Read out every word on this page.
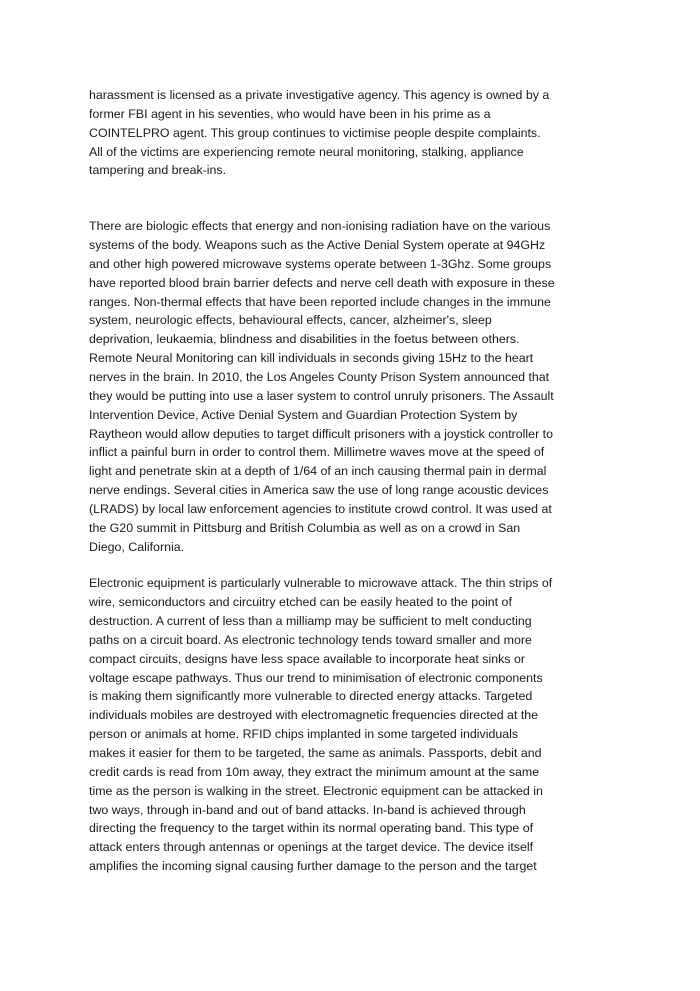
harassment is licensed as a private investigative agency. This agency is owned by a
former FBI agent in his seventies, who would have been in his prime as a
COINTELPRO agent. This group continues to victimise people despite complaints.
All of the victims are experiencing remote neural monitoring, stalking, appliance
tampering and break-ins.

There are biologic effects that energy and non-ionising radiation have on the various
systems of the body. Weapons such as the Active Denial System operate at 94GHz
and other high powered microwave systems operate between 1-3Ghz. Some groups
have reported blood brain barrier defects and nerve cell death with exposure in these
ranges. Non-thermal effects that have been reported include changes in the immune
system, neurologic effects, behavioural effects, cancer, alzheimer's, sleep
deprivation, leukaemia, blindness and disabilities in the foetus between others.
Remote Neural Monitoring can kill individuals in seconds giving 15Hz to the heart
nerves in the brain. In 2010, the Los Angeles County Prison System announced that
they would be putting into use a laser system to control unruly prisoners. The Assault
Intervention Device, Active Denial System and Guardian Protection System by
Raytheon would allow deputies to target difficult prisoners with a joystick controller to
inflict a painful burn in order to control them. Millimetre waves move at the speed of
light and penetrate skin at a depth of 1/64 of an inch causing thermal pain in dermal
nerve endings. Several cities in America saw the use of long range acoustic devices
(LRADS) by local law enforcement agencies to institute crowd control. It was used at
the G20 summit in Pittsburg and British Columbia as well as on a crowd in San
Diego, California.

Electronic equipment is particularly vulnerable to microwave attack. The thin strips of
wire, semiconductors and circuitry etched can be easily heated to the point of
destruction. A current of less than a milliamp may be sufficient to melt conducting
paths on a circuit board. As electronic technology tends toward smaller and more
compact circuits, designs have less space available to incorporate heat sinks or
voltage escape pathways. Thus our trend to minimisation of electronic components
is making them significantly more vulnerable to directed energy attacks. Targeted
individuals mobiles are destroyed with electromagnetic frequencies directed at the
person or animals at home. RFID chips implanted in some targeted individuals
makes it easier for them to be targeted, the same as animals. Passports, debit and
credit cards is read from 10m away, they extract the minimum amount at the same
time as the person is walking in the street. Electronic equipment can be attacked in
two ways, through in-band and out of band attacks. In-band is achieved through
directing the frequency to the target within its normal operating band. This type of
attack enters through antennas or openings at the target device. The device itself
amplifies the incoming signal causing further damage to the person and the target
